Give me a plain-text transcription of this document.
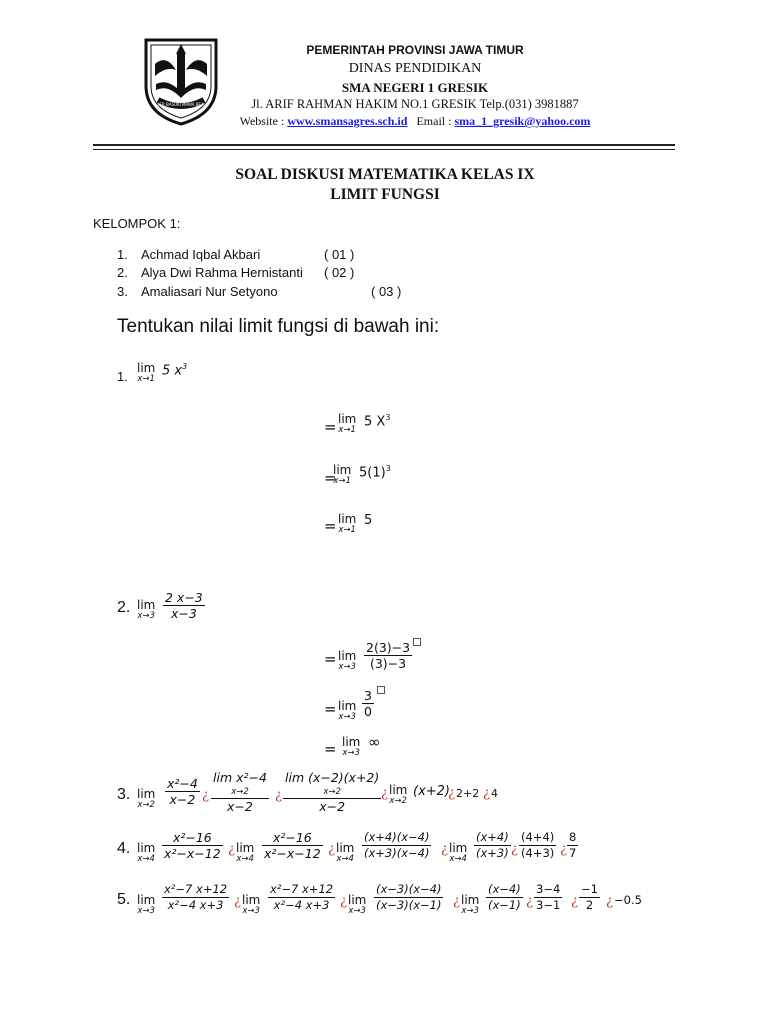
JER BASUKI MAWA BEA
PEMERINTAH PROVINSI JAWA TIMUR
DINAS PENDIDIKAN
SMA NEGERI 1 GRESIK
Jl. ARIF RAHMAN HAKIM NO.1 GRESIK Telp.(031) 3981887
Website : www.smansagres.sch.id Email : sma_1_gresik@yahoo.com
SOAL DISKUSI MATEMATIKA KELAS IX
LIMIT FUNGSI
KELOMPOK 1:
1. Achmad Iqbal Akbari	( 01 )
2. Alya Dwi Rahma Hernistanti ( 02 )
3. Amaliasari Nur Setyono	( 03 )
Tentukan nilai limit fungsi di bawah ini:
1.
lim
x→1
5 $x^3$
= lim
x→1
5 $X^3$
=
lim
x→1
$5(1)^3$
= lim
x→1
5
2. lim
$x\to 3 \frac{2 x-3}{x-3}$
= lim
$x\to 3 \frac{2(3)-3}{(3)-3}$
= lim
$x\to 3 \frac{3}{0}$
= lim
x→3
∞
3. lim
$x\to 2 \frac{\text{x²−4}}{x-2}$ ¿
lim x²−4
x→2
x−2
¿
lim (x−2)(x+2)
x→2
x−2
¿ lim
x→2
(x+2)
¿ 2+2 ¿ 4
4. lim
$x\to 4 \frac{\text{x²−16}}{\text{x²−x−12}}$ ¿ lim
$x\to 4 \frac{\text{x²−16}}{\text{x²−x−12}}$ ¿ lim
$x\to 4 \frac{(x+4)(x-4)}{(x+3)(x-4)}$ ¿ lim
$x\to 4 \frac{(x+4)}{(x+3)}$ ¿ $\frac{(4+4)}{(4+3)}$ ¿ $\frac{8}{7}$
5. lim
$x\to 3 \frac{\text{x²−7 x+12}}{\text{x²−4 x+3}}$ ¿ lim
$x\to 3 \frac{\text{x²−7 x+12}}{\text{x²−4 x+3}}$ ¿ lim
$x\to 3 \frac{(x-3)(x-4)}{(x-3)(x-1)}$ ¿ lim
$x\to 3 \frac{(x-4)}{(x-1)}$ ¿ $\frac{3-4}{3-1}$ ¿ $\frac{-1}{2}$ ¿ −0.5
